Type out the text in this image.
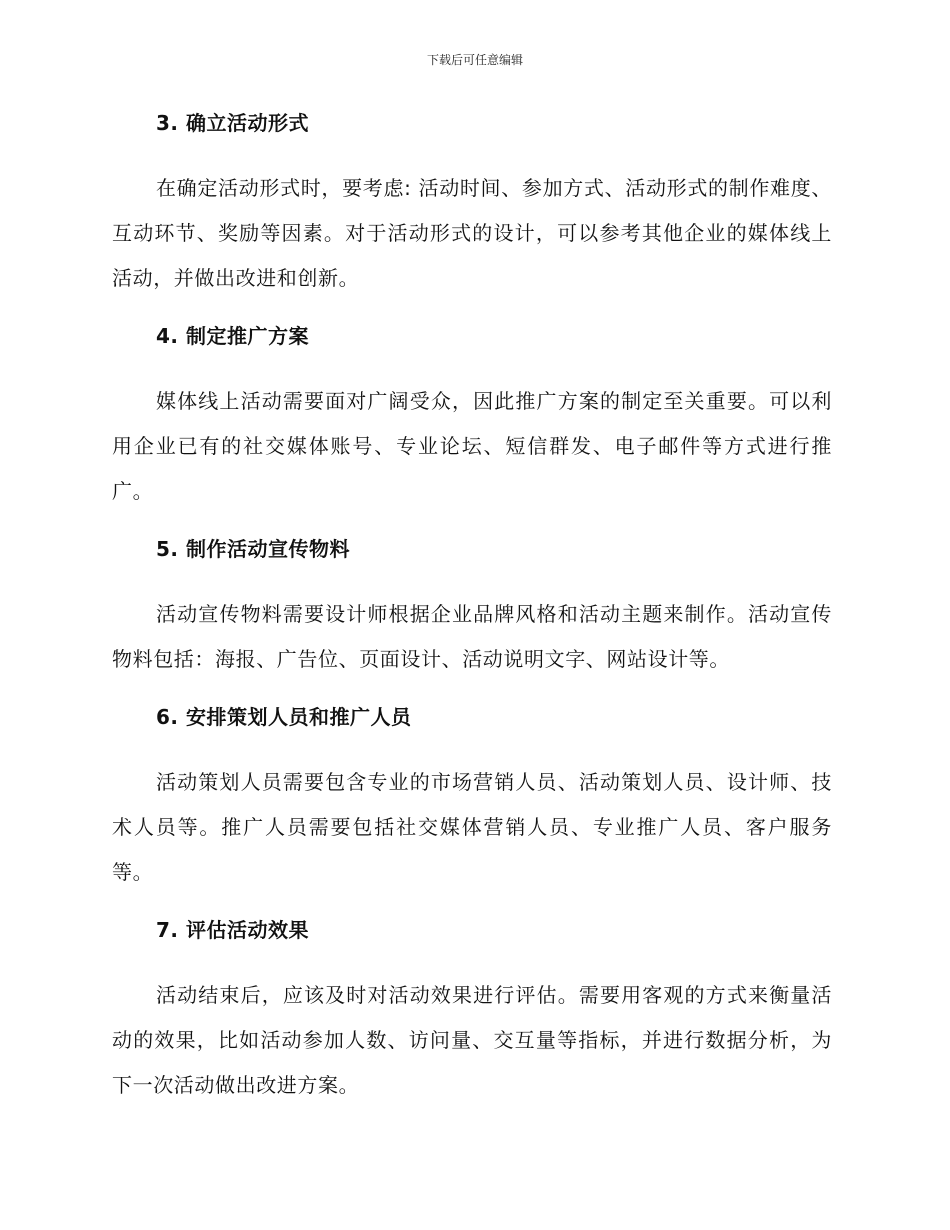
下载后可任意编辑
3. 确立活动形式

在确定活动形式时，要考虑: 活动时间、参加方式、活动形式的制作难度、互动环节、奖励等因素。对于活动形式的设计，可以参考其他企业的媒体线上活动，并做出改进和创新。

4. 制定推广方案

媒体线上活动需要面对广阔受众，因此推广方案的制定至关重要。可以利用企业已有的社交媒体账号、专业论坛、短信群发、电子邮件等方式进行推广。

5. 制作活动宣传物料

活动宣传物料需要设计师根据企业品牌风格和活动主题来制作。活动宣传物料包括：海报、广告位、页面设计、活动说明文字、网站设计等。

6. 安排策划人员和推广人员

活动策划人员需要包含专业的市场营销人员、活动策划人员、设计师、技术人员等。推广人员需要包括社交媒体营销人员、专业推广人员、客户服务等。

7. 评估活动效果

活动结束后，应该及时对活动效果进行评估。需要用客观的方式来衡量活动的效果，比如活动参加人数、访问量、交互量等指标，并进行数据分析，为下一次活动做出改进方案。
